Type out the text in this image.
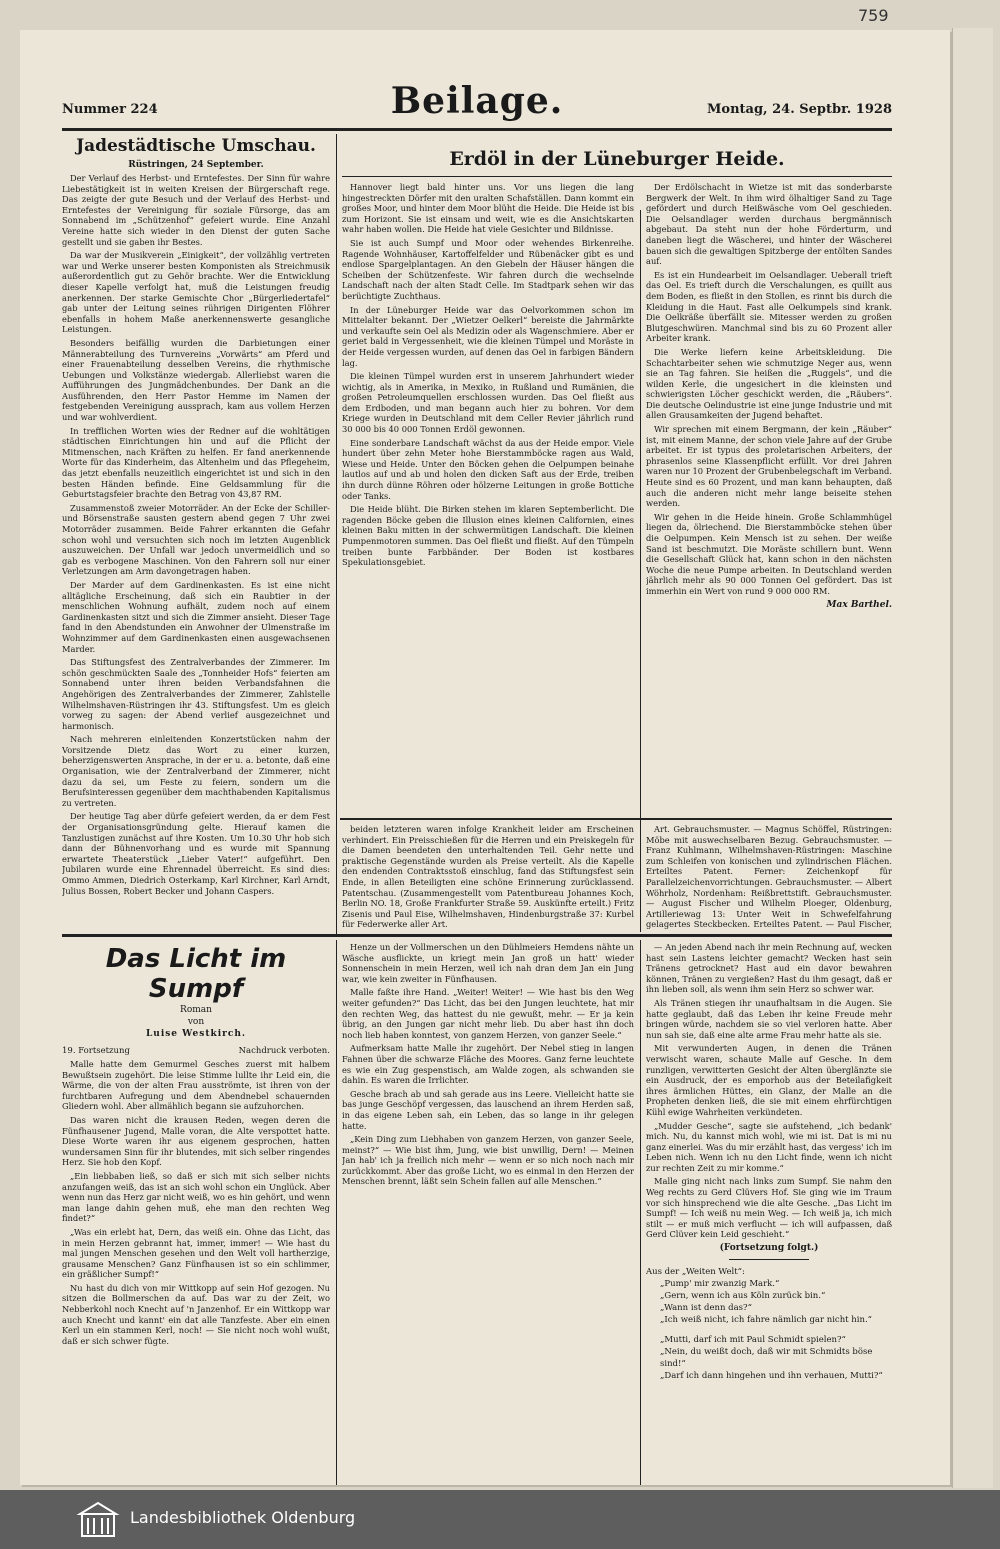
759
Nummer 224	Beilage.	Montag, 24. Septbr. 1928
Jadestädtische Umschau.
Rüstringen, 24 September.

Der Verlauf des Herbst- und Erntefestes. Der Sinn für wahre Liebestätigkeit ist in weiten Kreisen der Bürgerschaft rege. Das zeigte der gute Besuch und der Verlauf des Herbst- und Erntefestes der Vereinigung für soziale Fürsorge, das am Sonnabend im „Schützenhof“ gefeiert wurde. Eine Anzahl Vereine hatte sich wieder in den Dienst der guten Sache gestellt und sie gaben ihr Bestes.

Da war der Musikverein „Einigkeit“, der vollzählig vertreten war und Werke unserer besten Komponisten als Streichmusik außerordentlich gut zu Gehör brachte. Wer die Entwicklung dieser Kapelle verfolgt hat, muß die Leistungen freudig anerkennen. Der starke Gemischte Chor „Bürgerliedertafel“ gab unter der Leitung seines rührigen Dirigenten Flöhrer ebenfalls in hohem Maße anerkennenswerte gesangliche Leistungen.

Besonders beifällig wurden die Darbietungen einer Männerabteilung des Turnvereins „Vorwärts“ am Pferd und einer Frauenabteilung desselben Vereins, die rhythmische Uebungen und Volkstänze wiedergab. Allerliebst waren die Aufführungen des Jungmädchenbundes. Der Dank an die Ausführenden, den Herr Pastor Hemme im Namen der festgebenden Vereinigung aussprach, kam aus vollem Herzen und war wohlverdient.

In trefflichen Worten wies der Redner auf die wohltätigen städtischen Einrichtungen hin und auf die Pflicht der Mitmenschen, nach Kräften zu helfen. Er fand anerkennende Worte für das Kinderheim, das Altenheim und das Pflegeheim, das jetzt ebenfalls neuzeitlich eingerichtet ist und sich in den besten Händen befinde. Eine Geldsammlung für die Geburtstagsfeier brachte den Betrag von 43,87 RM.

Zusammenstoß zweier Motorräder. An der Ecke der Schiller- und Börsenstraße sausten gestern abend gegen 7 Uhr zwei Motorräder zusammen. Beide Fahrer erkannten die Gefahr schon wohl und versuchten sich noch im letzten Augenblick auszuweichen. Der Unfall war jedoch unvermeidlich und so gab es verbogene Maschinen. Von den Fahrern soll nur einer Verletzungen am Arm davongetragen haben.

Der Marder auf dem Gardinenkasten. Es ist eine nicht alltägliche Erscheinung, daß sich ein Raubtier in der menschlichen Wohnung aufhält, zudem noch auf einem Gardinenkasten sitzt und sich die Zimmer ansieht. Dieser Tage fand in den Abendstunden ein Anwohner der Ulmenstraße im Wohnzimmer auf dem Gardinenkasten einen ausgewachsenen Marder.

Das Stiftungsfest des Zentralverbandes der Zimmerer. Im schön geschmückten Saale des „Tonnheider Hofs“ feierten am Sonnabend unter ihren beiden Verbandsfahnen die Angehörigen des Zentralverbandes der Zimmerer, Zahlstelle Wilhelmshaven-Rüstringen ihr 43. Stiftungsfest. Um es gleich vorweg zu sagen: der Abend verlief ausgezeichnet und harmonisch.

Nach mehreren einleitenden Konzertstücken nahm der Vorsitzende Dietz das Wort zu einer kurzen, beherzigenswerten Ansprache, in der er u. a. betonte, daß eine Organisation, wie der Zentralverband der Zimmerer, nicht dazu da sei, um Feste zu feiern, sondern um die Berufsinteressen gegenüber dem machthabenden Kapitalismus zu vertreten.

Der heutige Tag aber dürfe gefeiert werden, da er dem Fest der Organisationsgründung gelte. Hierauf kamen die Tanzlustigen zunächst auf ihre Kosten. Um 10.30 Uhr hob sich dann der Bühnenvorhang und es wurde mit Spannung erwartete Theaterstück „Lieber Vater!“ aufgeführt. Den Jubilaren wurde eine Ehrennadel überreicht. Es sind dies: Ommo Ammen, Diedrich Osterkamp, Karl Kirchner, Karl Arndt, Julius Bossen, Robert Becker und Johann Caspers.

Erdöl in der Lüneburger Heide.

Hannover liegt bald hinter uns. Vor uns liegen die lang hingestreckten Dörfer mit den uralten Schafställen. Dann kommt ein großes Moor, und hinter dem Moor blüht die Heide. Die Heide ist bis zum Horizont. Sie ist einsam und weit, wie es die Ansichtskarten wahr haben wollen. Die Heide hat viele Gesichter und Bildnisse.

Sie ist auch Sumpf und Moor oder wehendes Birkenreihe. Ragende Wohnhäuser, Kartoffelfelder und Rübenäcker gibt es und endlose Spargelplantagen. An den Giebeln der Häuser hängen die Scheiben der Schützenfeste. Wir fahren durch die wechselnde Landschaft nach der alten Stadt Celle. Im Stadtpark sehen wir das berüchtigte Zuchthaus.

In der Lüneburger Heide war das Oelvorkommen schon im Mittelalter bekannt. Der „Wietzer Oelkerl“ bereiste die Jahrmärkte und verkaufte sein Oel als Medizin oder als Wagenschmiere. Aber er geriet bald in Vergessenheit, wie die kleinen Tümpel und Moräste in der Heide vergessen wurden, auf denen das Oel in farbigen Bändern lag.

Die kleinen Tümpel wurden erst in unserem Jahrhundert wieder wichtig, als in Amerika, in Mexiko, in Rußland und Rumänien, die großen Petroleumquellen erschlossen wurden. Das Oel fließt aus dem Erdboden, und man begann auch hier zu bohren. Vor dem Kriege wurden in Deutschland mit dem Celler Revier jährlich rund 30 000 bis 40 000 Tonnen Erdöl gewonnen.

Eine sonderbare Landschaft wächst da aus der Heide empor. Viele hundert über zehn Meter hohe Bierstammböcke ragen aus Wald, Wiese und Heide. Unter den Böcken gehen die Oelpumpen beinahe lautlos auf und ab und holen den dicken Saft aus der Erde, treiben ihn durch dünne Röhren oder hölzerne Leitungen in große Bottiche oder Tanks.

Die Heide blüht. Die Birken stehen im klaren Septemberlicht. Die ragenden Böcke geben die Illusion eines kleinen Californien, eines kleinen Baku mitten in der schwermütigen Landschaft. Die kleinen Pumpenmotoren summen. Das Oel fließt und fließt. Auf den Tümpeln treiben bunte Farbbänder. Der Boden ist kostbares Spekulationsgebiet.

Der Erdölschacht in Wietze ist mit das sonderbarste Bergwerk der Welt. In ihm wird ölhaltiger Sand zu Tage gefördert und durch Heißwäsche vom Oel geschieden. Die Oelsandlager werden durchaus bergmännisch abgebaut. Da steht nun der hohe Förderturm, und daneben liegt die Wäscherei, und hinter der Wäscherei bauen sich die gewaltigen Spitzberge der entölten Sandes auf.

Es ist ein Hundearbeit im Oelsandlager. Ueberall trieft das Oel. Es trieft durch die Verschalungen, es quillt aus dem Boden, es fließt in den Stollen, es rinnt bis durch die Kleidung in die Haut. Fast alle Oelkumpels sind krank. Die Oelkräße überfällt sie. Mitesser werden zu großen Blutgeschwüren. Manchmal sind bis zu 60 Prozent aller Arbeiter krank.

Die Werke liefern keine Arbeitskleidung. Die Schachtarbeiter sehen wie schmutzige Neger aus, wenn sie an Tag fahren. Sie heißen die „Ruggels“, und die wilden Kerle, die ungesichert in die kleinsten und schwierigsten Löcher geschickt werden, die „Räubers“. Die deutsche Oelindustrie ist eine junge Industrie und mit allen Grausamkeiten der Jugend behaftet.

Wir sprechen mit einem Bergmann, der kein „Räuber“ ist, mit einem Manne, der schon viele Jahre auf der Grube arbeitet. Er ist typus des proletarischen Arbeiters, der phrasenlos seine Klassenpflicht erfüllt. Vor drei Jahren waren nur 10 Prozent der Grubenbelegschaft im Verband. Heute sind es 60 Prozent, und man kann behaupten, daß auch die anderen nicht mehr lange beiseite stehen werden.

Wir gehen in die Heide hinein. Große Schlammhügel liegen da, ölriechend. Die Bierstammböcke stehen über die Oelpumpen. Kein Mensch ist zu sehen. Der weiße Sand ist beschmutzt. Die Moräste schillern bunt. Wenn die Gesellschaft Glück hat, kann schon in den nächsten Woche die neue Pumpe arbeiten. In Deutschland werden jährlich mehr als 90 000 Tonnen Oel gefördert. Das ist immerhin ein Wert von rund 9 000 000 RM.

Max Barthel.

beiden letzteren waren infolge Krankheit leider am Erscheinen verhindert. Ein Preisschießen für die Herren und ein Preiskegeln für die Damen beendeten den unterhaltenden Teil. Gehr nette und praktische Gegenstände wurden als Preise verteilt. Als die Kapelle den endenden Contraktsstoß einschlug, fand das Stiftungsfest sein Ende, in allen Beteiligten eine schöne Erinnerung zurücklassend. Patentschau. (Zusammengestellt vom Patentbureau Johannes Koch, Berlin NO. 18, Große Frankfurter Straße 59. Auskünfte erteilt.) Fritz Zisenis und Paul Eise, Wilhelmshaven, Hindenburgstraße 37: Kurbel für Federwerke aller Art.

Art. Gebrauchsmuster. — Magnus Schöffel, Rüstringen: Möbe mit auswechselbaren Bezug. Gebrauchsmuster. — Franz Kuhlmann, Wilhelmshaven-Rüstringen: Maschine zum Schleifen von konischen und zylindrischen Flächen. Erteiltes Patent. Ferner: Zeichenkopf für Parallelzeichenvorrichtungen. Gebrauchsmuster. — Albert Wöhrholz, Nordenham: Reißbrettstift. Gebrauchsmuster. — August Fischer und Wilhelm Ploeger, Oldenburg, Artilleriewag 13: Unter Weit in Schwefelfahrung gelagertes Steckbecken. Erteiltes Patent. — Paul Fischer,

Das Licht im Sumpf
Roman
von
Luise Westkirch.
19. Fortsetzung	Nachdruck verboten.

Malle hatte dem Gemurmel Gesches zuerst mit halbem Bewußtsein zugehört. Die leise Stimme lullte ihr Leid ein, die Wärme, die von der alten Frau ausströmte, ist ihren von der furchtbaren Aufregung und dem Abendnebel schauernden Gliedern wohl. Aber allmählich begann sie aufzuhorchen.

Das waren nicht die krausen Reden, wegen deren die Fünfhausener Jugend, Malle voran, die Alte verspottet hatte. Diese Worte waren ihr aus eigenem gesprochen, hatten wundersamen Sinn für ihr blutendes, mit sich selber ringendes Herz. Sie hob den Kopf.

„Ein liebbaben ließ, so daß er sich mit sich selber nichts anzufangen weiß, das ist an sich wohl schon ein Unglück. Aber wenn nun das Herz gar nicht weiß, wo es hin gehört, und wenn man lange dahin gehen muß, ehe man den rechten Weg findet?“

„Was ein erlebt hat, Dern, das weiß ein. Ohne das Licht, das in mein Herzen gebrannt hat, immer, immer! — Wie hast du mal jungen Menschen gesehen und den Welt voll hartherzige, grausame Menschen? Ganz Fünfhausen ist so ein schlimmer, ein gräßlicher Sumpf!“

Nu hast du dich von mir Wittkopp auf sein Hof gezogen. Nu sitzen die Bollmerschen da auf. Das war zu der Zeit, wo Nebberkohl noch Knecht auf 'n Janzenhof. Er ein Wittkopp war auch Knecht und kannt' ein dat alle Tanzfeste. Aber ein einen Kerl un ein stammen Kerl, noch! — Sie nicht noch wohl wußt, daß er sich schwer fügte.

Henze un der Vollmerschen un den Dühlmeiers Hemdens nähte un Wäsche ausflickte, un kriegt mein Jan groß un hatt' wieder Sonnenschein in mein Herzen, weil ich nah dran dem Jan ein Jung war, wie kein zweiter in Fünfhausen.

Malle faßte ihre Hand. „Weiter! Weiter! — Wie hast bis den Weg weiter gefunden?“ Das Licht, das bei den Jungen leuchtete, hat mir den rechten Weg, das hattest du nie gewußt, mehr. — Er ja kein übrig, an den Jungen gar nicht mehr lieb. Du aber hast ihn doch noch lieb haben konntest, von ganzem Herzen, von ganzer Seele.“

Aufmerksam hatte Malle ihr zugehört. Der Nebel stieg in langen Fahnen über die schwarze Fläche des Moores. Ganz ferne leuchtete es wie ein Zug gespenstisch, am Walde zogen, als schwanden sie dahin. Es waren die Irrlichter.

Gesche brach ab und sah gerade aus ins Leere. Vielleicht hatte sie bas junge Geschöpf vergessen, das lauschend an ihrem Herden saß, in das eigene Leben sah, ein Leben, das so lange in ihr gelegen hatte.

„Kein Ding zum Liebhaben von ganzem Herzen, von ganzer Seele, meinst?“ — Wie bist ihm, Jung, wie bist unwillig, Dern! — Meinen Jan hab' ich ja freilich nich mehr — wenn er so nich noch nach mir zurückkommt. Aber das große Licht, wo es einmal in den Herzen der Menschen brennt, läßt sein Schein fallen auf alle Menschen.“

— An jeden Abend nach ihr mein Rechnung auf, wecken hast sein Lastens leichter gemacht? Wecken hast sein Tränens getrocknet? Hast aud ein davor bewahren können, Tränen zu vergießen? Hast du ihm gesagt, daß er ihn lieben soll, als wenn ihm sein Herz so schwer war.

Als Tränen stiegen ihr unaufhaltsam in die Augen. Sie hatte geglaubt, daß das Leben ihr keine Freude mehr bringen würde, nachdem sie so viel verloren hatte. Aber nun sah sie, daß eine alte arme Frau mehr hatte als sie.

Mit verwunderten Augen, in denen die Tränen verwischt waren, schaute Malle auf Gesche. In dem runzligen, verwitterten Gesicht der Alten überglänzte sie ein Ausdruck, der es emporhob aus der Beteilafigkeit ihres ärmlichen Hüttes, ein Glanz, der Malle an die Propheten denken ließ, die sie mit einem ehrfürchtigen Kühl ewige Wahrheiten verkündeten.

„Mudder Gesche“, sagte sie aufstehend, „ich bedank' mich. Nu, du kannst mich wohl, wie mi ist. Dat is mi nu ganz einerlei. Was du mir erzählt hast, das vergess' ich im Leben nich. Wenn ich nu den Licht finde, wenn ich nicht zur rechten Zeit zu mir komme.“

Malle ging nicht nach links zum Sumpf. Sie nahm den Weg rechts zu Gerd Clüvers Hof. Sie ging wie im Traum vor sich hinsprechend wie die alte Gesche. „Das Licht im Sumpf! — Ich weiß nu mein Weg. — Ich weiß ja, ich mich stilt — er muß mich verflucht — ich will aufpassen, daß Gerd Clüver kein Leid geschieht.“

(Fortsetzung folgt.)
Aus der „Weiten Welt“:
„Pump' mir zwanzig Mark.“
„Gern, wenn ich aus Köln zurück bin.“
„Wann ist denn das?“
„Ich weiß nicht, ich fahre nämlich gar nicht hin.“
„Mutti, darf ich mit Paul Schmidt spielen?“
„Nein, du weißt doch, daß wir mit Schmidts böse sind!“
„Darf ich dann hingehen und ihn verhauen, Mutti?“
Landesbibliothek Oldenburg
